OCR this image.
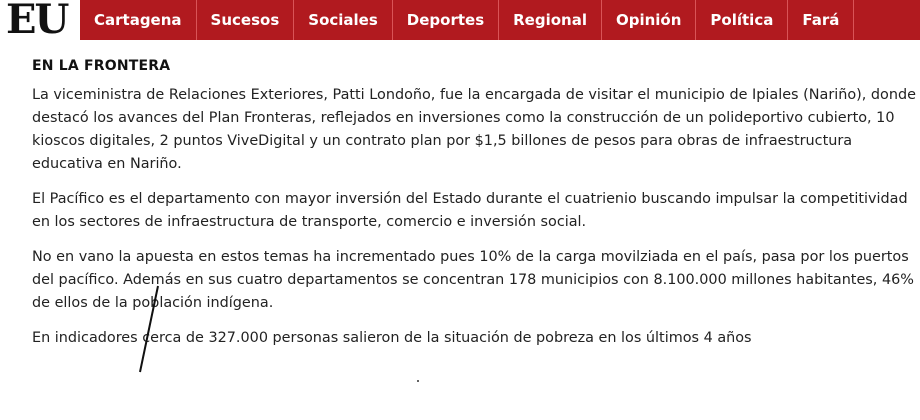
EU	Cartagena	Sucesos	Sociales	Deportes	Regional	Opinión	Política	Fará
EN LA FRONTERA

La viceministra de Relaciones Exteriores, Patti Londoño, fue la encargada de visitar el municipio de Ipiales (Nariño), donde destacó los avances del Plan Fronteras, reflejados en inversiones como la construcción de un polideportivo cubierto, 10 kioscos digitales, 2 puntos ViveDigital y un contrato plan por $1,5 billones de pesos para obras de infraestructura educativa en Nariño.

El Pacífico es el departamento con mayor inversión del Estado durante el cuatrienio buscando impulsar la competitividad en los sectores de infraestructura de transporte, comercio e inversión social.

No en vano la apuesta en estos temas ha incrementado pues 10% de la carga movilziada en el país, pasa por los puertos del pacífico. Además en sus cuatro departamentos se concentran 178 municipios con 8.100.000 millones habitantes, 46% de ellos de la población indígena.

En indicadores cerca de 327.000 personas salieron de la situación de pobreza en los últimos 4 años
